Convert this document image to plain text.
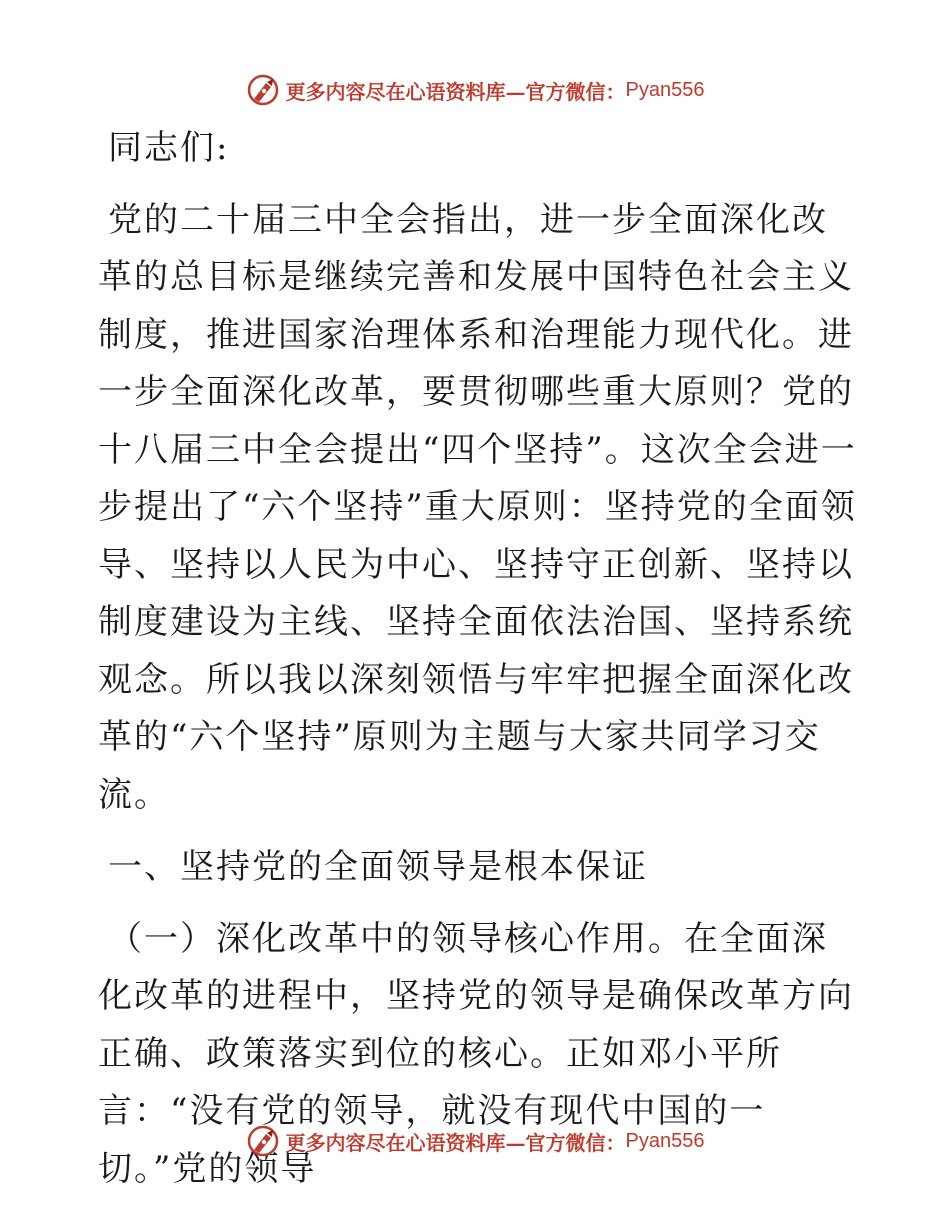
更多内容尽在心语资料库—官方微信： Pyan556

同志们:

党的二十届三中全会指出，进一步全面深化改革的总目标是继续完善和发展中国特色社会主义制度，推进国家治理体系和治理能力现代化。进一步全面深化改革，要贯彻哪些重大原则？党的十八届三中全会提出“四个坚持”。这次全会进一步提出了“六个坚持”重大原则：坚持党的全面领导、坚持以人民为中心、坚持守正创新、坚持以制度建设为主线、坚持全面依法治国、坚持系统观念。所以我以深刻领悟与牢牢把握全面深化改革的“六个坚持”原则为主题与大家共同学习交流。

一、坚持党的全面领导是根本保证

（一）深化改革中的领导核心作用。在全面深化改革的进程中，坚持党的领导是确保改革方向正确、政策落实到位的核心。正如邓小平所言：“没有党的领导，就没有现代中国的一切。”党的领导

更多内容尽在心语资料库—官方微信： Pyan556
